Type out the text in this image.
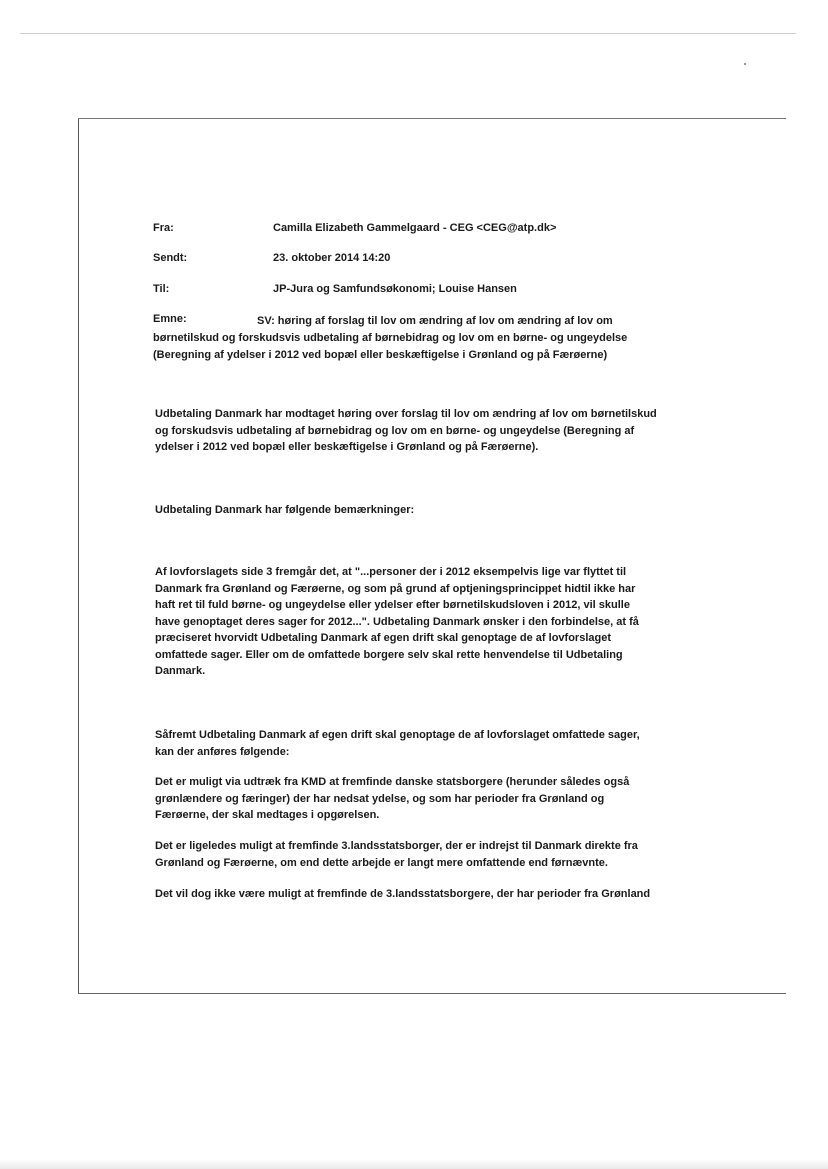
Fra:	Camilla Elizabeth Gammelgaard - CEG <CEG@atp.dk>
Sendt:	23. oktober 2014 14:20
Til:	JP-Jura og Samfundsøkonomi; Louise Hansen
Emne:	SV: høring af forslag til lov om ændring af lov om ændring af lov om børnetilskud og forskudsvis udbetaling af børnebidrag og lov om en børne- og ungeydelse (Beregning af ydelser i 2012 ved bopæl eller beskæftigelse i Grønland og på Færøerne)
Udbetaling Danmark har modtaget høring over forslag til lov om ændring af lov om børnetilskud
og forskudsvis udbetaling af børnebidrag og lov om en børne- og ungeydelse (Beregning af
ydelser i 2012 ved bopæl eller beskæftigelse i Grønland og på Færøerne).
Udbetaling Danmark har følgende bemærkninger:
Af lovforslagets side 3 fremgår det, at "...personer der i 2012 eksempelvis lige var flyttet til
Danmark fra Grønland og Færøerne, og som på grund af optjeningsprincippet hidtil ikke har
haft ret til fuld børne- og ungeydelse eller ydelser efter børnetilskudsloven i 2012, vil skulle
have genoptaget deres sager for 2012...". Udbetaling Danmark ønsker i den forbindelse, at få
præciseret hvorvidt Udbetaling Danmark af egen drift skal genoptage de af lovforslaget
omfattede sager. Eller om de omfattede borgere selv skal rette henvendelse til Udbetaling
Danmark.
Såfremt Udbetaling Danmark af egen drift skal genoptage de af lovforslaget omfattede sager,
kan der anføres følgende:
Det er muligt via udtræk fra KMD at fremfinde danske statsborgere (herunder således også
grønlændere og færinger) der har nedsat ydelse, og som har perioder fra Grønland og
Færøerne, der skal medtages i opgørelsen.
Det er ligeledes muligt at fremfinde 3.landsstatsborger, der er indrejst til Danmark direkte fra
Grønland og Færøerne, om end dette arbejde er langt mere omfattende end førnævnte.
Det vil dog ikke være muligt at fremfinde de 3.landsstatsborgere, der har perioder fra Grønland
